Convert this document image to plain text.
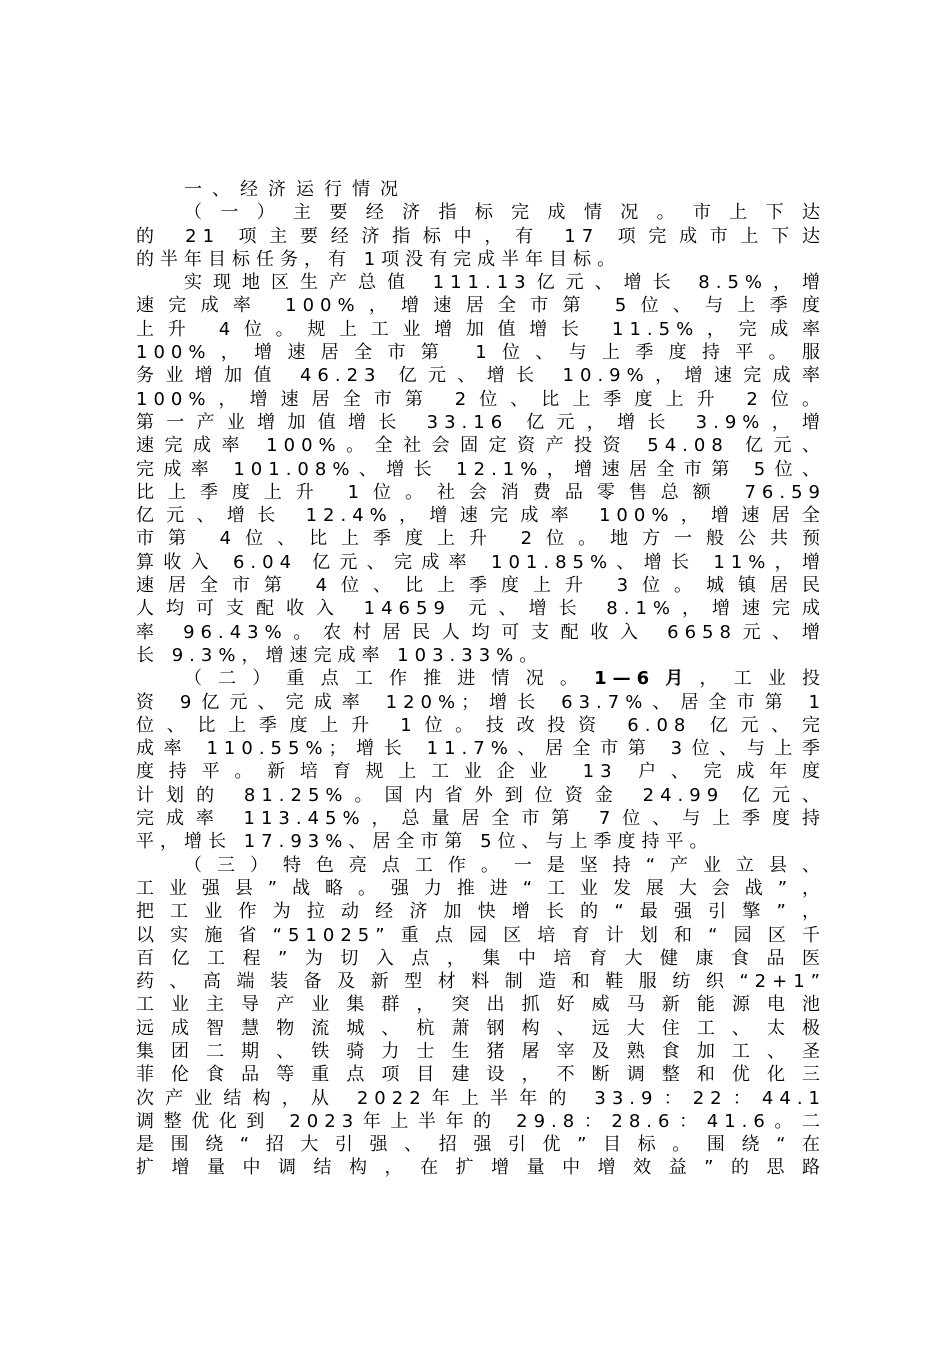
一、经济运行情况
（一）主要经济指标完成情况。市上下达
的 21 项主要经济指标中，有 17 项完成市上下达
的半年目标任务，有 1项没有完成半年目标。
实现地区生产总值 111.13亿元、增长 8.5%，增
速完成率 100%，增速居全市第 5位、与上季度
上升 4位。规上工业增加值增长 11.5%，完成率
100%，增速居全市第 1位、与上季度持平。服
务业增加值 46.23 亿元、增长 10.9%，增速完成率
100%，增速居全市第 2位、比上季度上升 2位。
第一产业增加值增长 33.16 亿元，增长 3.9%，增
速完成率 100%。全社会固定资产投资 54.08 亿元、
完成率 101.08%、增长 12.1%，增速居全市第 5位、
比上季度上升 1位。社会消费品零售总额 76.59
亿元、增长 12.4%，增速完成率 100%，增速居全
市第 4位、比上季度上升 2位。地方一般公共预
算收入 6.04 亿元、完成率 101.85%、增长 11%，增
速居全市第 4位、比上季度上升 3位。城镇居民
人均可支配收入 14659 元、增长 8.1%，增速完成
率 96.43%。农村居民人均可支配收入 6658元、增
长 9.3%，增速完成率 103.33%。
（二）重点工作推进情况。1—6月，工业投
资 9亿元、完成率 120%；增长 63.7%、居全市第 1
位、比上季度上升 1位。技改投资 6.08 亿元、完
成率 110.55%；增长 11.7%、居全市第 3位、与上季
度持平。新培育规上工业企业 13 户、完成年度
计划的 81.25%。国内省外到位资金 24.99 亿元、
完成率 113.45%，总量居全市第 7位、与上季度持
平，增长 17.93%、居全市第 5位、与上季度持平。
（三）特色亮点工作。一是坚持“产业立县、
工业强县”战略。强力推进“工业发展大会战”，
把工业作为拉动经济加快增长的“最强引擎”，
以实施省“51025”重点园区培育计划和“园区千
百亿工程”为切入点，集中培育大健康食品医
药、高端装备及新型材料制造和鞋服纺织“2+1”
工业主导产业集群，突出抓好威马新能源电池
远成智慧物流城、杭萧钢构、远大住工、太极
集团二期、铁骑力士生猪屠宰及熟食加工、圣
菲伦食品等重点项目建设，不断调整和优化三
次产业结构，从 2022年上半年的 33.9：22：44.1
调整优化到 2023年上半年的 29.8：28.6：41.6。二
是围绕“招大引强、招强引优”目标。围绕“在
扩增量中调结构，在扩增量中增效益”的思路
